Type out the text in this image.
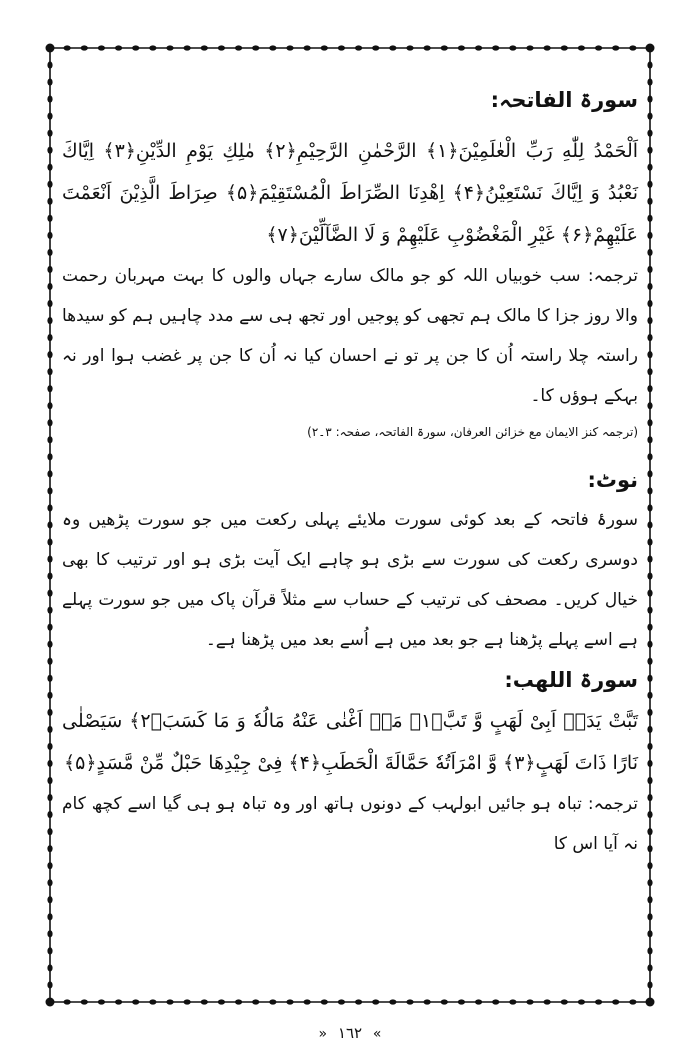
سورۃ الفاتحہ:

اَلْحَمْدُ لِلّٰهِ رَبِّ الْعٰلَمِیْنَ﴿۱﴾ الرَّحْمٰنِ الرَّحِیْمِ﴿۲﴾ مٰلِكِ یَوْمِ الدِّیْنِ﴿۳﴾ اِیَّاكَ نَعْبُدُ وَ اِیَّاكَ نَسْتَعِیْنُ﴿۴﴾ اِهْدِنَا الصِّرَاطَ الْمُسْتَقِیْمَ﴿۵﴾ صِرَاطَ الَّذِیْنَ اَنْعَمْتَ عَلَیْهِمْ﴿۶﴾ غَیْرِ الْمَغْضُوْبِ عَلَیْهِمْ وَ لَا الضَّآلِّیْنَ﴿۷﴾

ترجمہ: سب خوبیاں اللہ کو جو مالک سارے جہاں والوں کا بہت مہربان رحمت والا روز جزا کا مالک ہم تجھی کو پوجیں اور تجھ ہی سے مدد چاہیں ہم کو سیدھا راستہ چلا راستہ اُن کا جن پر تو نے احسان کیا نہ اُن کا جن پر غضب ہوا اور نہ بہکے ہوؤں کا۔

(ترجمہ کنز الایمان مع خزائن العرفان، سورۃ الفاتحہ، صفحہ: ۳۔۲)

نوٹ:

سورۂ فاتحہ کے بعد کوئی سورت ملایئے پہلی رکعت میں جو سورت پڑھیں وہ دوسری رکعت کی سورت سے بڑی ہو چاہے ایک آیت بڑی ہو اور ترتیب کا بھی خیال کریں۔ مصحف کی ترتیب کے حساب سے مثلاً قرآن پاک میں جو سورت پہلے ہے اسے پہلے پڑھنا ہے جو بعد میں ہے اُسے بعد میں پڑھنا ہے۔

سورۃ اللھب:

تَبَّتْ یَدَاۤ اَبِیْ لَهَبٍ وَّ تَبَّ﴿۱﴾ مَاۤ اَغْنٰى عَنْهُ مَالُهٗ وَ مَا كَسَبَ﴿۲﴾ سَیَصْلٰى نَارًا ذَاتَ لَهَبٍ﴿۳﴾ وَّ امْرَاَتُهٗ حَمَّالَةَ الْحَطَبِ﴿۴﴾ فِیْ جِیْدِهَا حَبْلٌ مِّنْ مَّسَدٍ﴿۵﴾

ترجمہ: تباہ ہو جائیں ابولہب کے دونوں ہاتھ اور وہ تباہ ہو ہی گیا اسے کچھ کام نہ آیا اس کا

» ١٦٢ «
